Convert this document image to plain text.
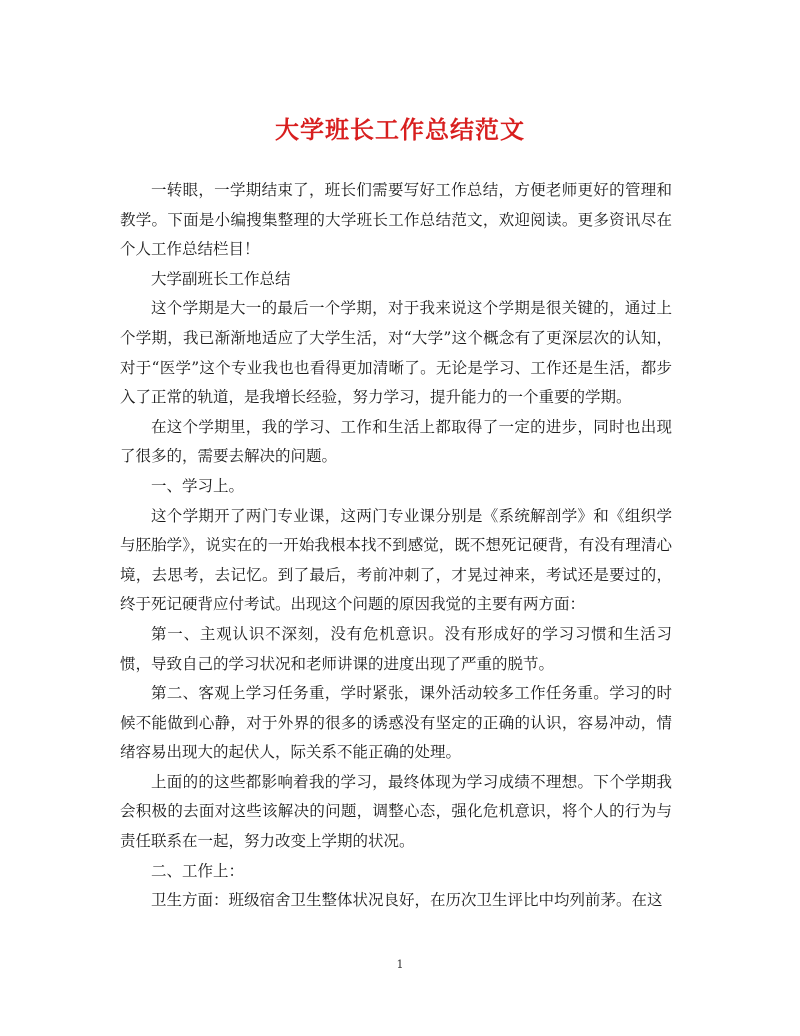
大学班长工作总结范文

一转眼，一学期结束了，班长们需要写好工作总结，方便老师更好的管理和教学。下面是小编搜集整理的大学班长工作总结范文，欢迎阅读。更多资讯尽在个人工作总结栏目！

大学副班长工作总结

这个学期是大一的最后一个学期，对于我来说这个学期是很关键的，通过上个学期，我已渐渐地适应了大学生活，对“大学”这个概念有了更深层次的认知，对于“医学”这个专业我也也看得更加清晰了。无论是学习、工作还是生活，都步入了正常的轨道，是我增长经验，努力学习，提升能力的一个重要的学期。

在这个学期里，我的学习、工作和生活上都取得了一定的进步，同时也出现了很多的，需要去解决的问题。

一、学习上。

这个学期开了两门专业课，这两门专业课分别是《系统解剖学》和《组织学与胚胎学》，说实在的一开始我根本找不到感觉，既不想死记硬背，有没有理清心境，去思考，去记忆。到了最后，考前冲刺了，才晃过神来，考试还是要过的，终于死记硬背应付考试。出现这个问题的原因我觉的主要有两方面：

第一、主观认识不深刻，没有危机意识。没有形成好的学习习惯和生活习惯，导致自己的学习状况和老师讲课的进度出现了严重的脱节。

第二、客观上学习任务重，学时紧张，课外活动较多工作任务重。学习的时候不能做到心静，对于外界的很多的诱惑没有坚定的正确的认识，容易冲动，情绪容易出现大的起伏人，际关系不能正确的处理。

上面的的这些都影响着我的学习，最终体现为学习成绩不理想。下个学期我会积极的去面对这些该解决的问题，调整心态，强化危机意识，将个人的行为与责任联系在一起，努力改变上学期的状况。

二、工作上：

卫生方面：班级宿舍卫生整体状况良好，在历次卫生评比中均列前茅。在这

1
